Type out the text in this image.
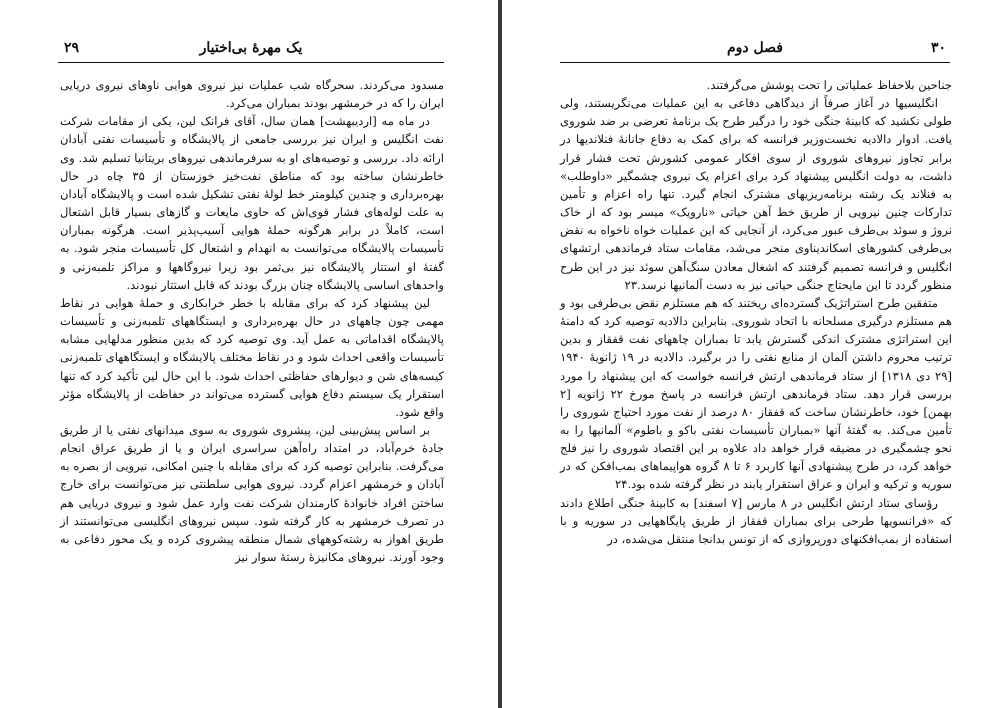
یک مهرهٔ بی‌اختیار
۲۹

مسدود می‌کردند. سحرگاه شب عملیات نیز نیروی هوایی ناوهای نیروی دریایی ایران را که در خرمشهر بودند بمباران می‌کرد.

در ماه مه [اردیبهشت] همان سال، آقای فرانک لین، یکی از مقامات شرکت نفت انگلیس و ایران نیز بررسی جامعی از پالایشگاه و تأسیسات نفتی آبادان ارائه داد. بررسی و توصیه‌های او به سرفرماندهی نیروهای بریتانیا تسلیم شد. وی خاطرنشان ساخته بود که مناطق نفت‌خیز خوزستان از ۳۵ چاه در حال بهره‌برداری و چندین کیلومتر خط لولهٔ نفتی تشکیل شده است و پالایشگاه آبادان به علت لوله‌های فشار قوی‌اش که حاوی مایعات و گازهای بسیار قابل اشتعال است، کاملاً در برابر هرگونه حملهٔ هوایی آسیب‌پذیر است. هرگونه بمباران تأسیسات پالایشگاه می‌توانست به انهدام و اشتعال کل تأسیسات منجر شود. به گفتهٔ او استتار پالایشگاه نیز بی‌ثمر بود زیرا نیروگاهها و مراکز تلمبه‌زنی و واحدهای اساسی پالایشگاه چنان بزرگ بودند که قابل استتار نبودند.

لین پیشنهاد کرد که برای مقابله با خطر خرابکاری و حملهٔ هوایی در نقاط مهمی چون چاههای در حال بهره‌برداری و ایستگاههای تلمبه‌زنی و تأسیسات پالایشگاه اقداماتی به عمل آید. وی توصیه کرد که بدین منظور مدلهایی مشابه تأسیسات واقعی احداث شود و در نقاط مختلف پالایشگاه و ایستگاههای تلمبه‌زنی کیسه‌های شن و دیوارهای حفاظتی احداث شود. با این حال لین تأکید کرد که تنها استقرار یک سیستم دفاع هوایی گسترده می‌تواند در حفاظت از پالایشگاه مؤثر واقع شود.

بر اساس پیش‌بینی لین، پیشروی شوروی به سوی میدانهای نفتی یا از طریق جادهٔ خرم‌آباد، در امتداد راه‌آهن سراسری ایران و یا از طریق عراق انجام می‌گرفت. بنابراین توصیه کرد که برای مقابله با چنین امکانی، نیرویی از بصره به آبادان و خرمشهر اعزام گردد. نیروی هوایی سلطنتی نیز می‌توانست برای خارج ساختن افراد خانوادهٔ کارمندان شرکت نفت وارد عمل شود و نیروی دریایی هم در تصرف خرمشهر به کار گرفته شود. سپس نیروهای انگلیسی می‌توانستند از طریق اهواز به رشته‌کوههای شمال منطقه پیشروی کرده و یک محور دفاعی به وجود آورند. نیروهای مکانیزهٔ رستهٔ سوار نیز

فصل دوم	۳۰

جناحین بلاحفاظ عملیاتی را تحت پوشش می‌گرفتند.

انگلیسیها در آغاز صرفاً از دیدگاهی دفاعی به این عملیات می‌نگریستند، ولی طولی نکشید که کابینهٔ جنگی خود را درگیر طرح یک برنامهٔ تعرضی بر ضد شوروی یافت. ادوار دالادیه نخست‌وزیر فرانسه که برای کمک به دفاع جانانهٔ فنلاندیها در برابر تجاوز نیروهای شوروی از سوی افکار عمومی کشورش تحت فشار قرار داشت، به دولت انگلیس پیشنهاد کرد برای اعزام یک نیروی چشمگیر «داوطلب» به فنلاند یک رشته برنامه‌ریزیهای مشترک انجام گیرد. تنها راه اعزام و تأمین تدارکات چنین نیرویی از طریق خط آهن حیاتی «نارویک» میسر بود که از خاک نروژ و سوئد بی‌طرف عبور می‌کرد، از آنجایی که این عملیات خواه ناخواه به نقض بی‌طرفی کشورهای اسکاندیناوی منجر می‌شد، مقامات ستاد فرماندهی ارتشهای انگلیس و فرانسه تصمیم گرفتند که اشغال معادن سنگ‌آهن سوئد نیز در این طرح منظور گردد تا این مایحتاج جنگی حیاتی نیز به دست آلمانیها نرسد.۲۳

متفقین طرح استراتژیک گسترده‌ای ریختند که هم مستلزم نقض بی‌طرفی بود و هم مستلزم درگیری مسلحانه با اتحاد شوروی. بنابراین دالادیه توصیه کرد که دامنهٔ این استراتژی مشترک اندکی گسترش یابد تا بمباران چاههای نفت قفقاز و بدین ترتیب محروم داشتن آلمان از منابع نفتی را در برگیرد. دالادیه در ۱۹ ژانویهٔ ۱۹۴۰ [۲۹ دی ۱۳۱۸] از ستاد فرماندهی ارتش فرانسه خواست که این پیشنهاد را مورد بررسی قرار دهد. ستاد فرماندهی ارتش فرانسه در پاسخ مورخ ۲۲ ژانویه [۲ بهمن] خود، خاطرنشان ساخت که قفقاز ۸۰ درصد از نفت مورد احتیاج شوروی را تأمین می‌کند. به گفتهٔ آنها «بمباران تأسیسات نفتی باکو و باطوم» آلمانیها را به نحو چشمگیری در مضیقه قرار خواهد داد علاوه بر این اقتصاد شوروی را نیز فلج خواهد کرد، در طرح پیشنهادی آنها کاربرد ۶ تا ۸ گروه هواپیماهای بمب‌افکن که در سوریه و ترکیه و ایران و عراق استقرار یابند در نظر گرفته شده بود.۲۴

رؤسای ستاد ارتش انگلیس در ۸ مارس [۷ اسفند] به کابینهٔ جنگی اطلاع دادند که «فرانسویها طرحی برای بمباران قفقاز از طریق پایگاههایی در سوریه و با استفاده از بمب‌افکنهای دورپروازی که از تونس بدانجا منتقل می‌شده، در
